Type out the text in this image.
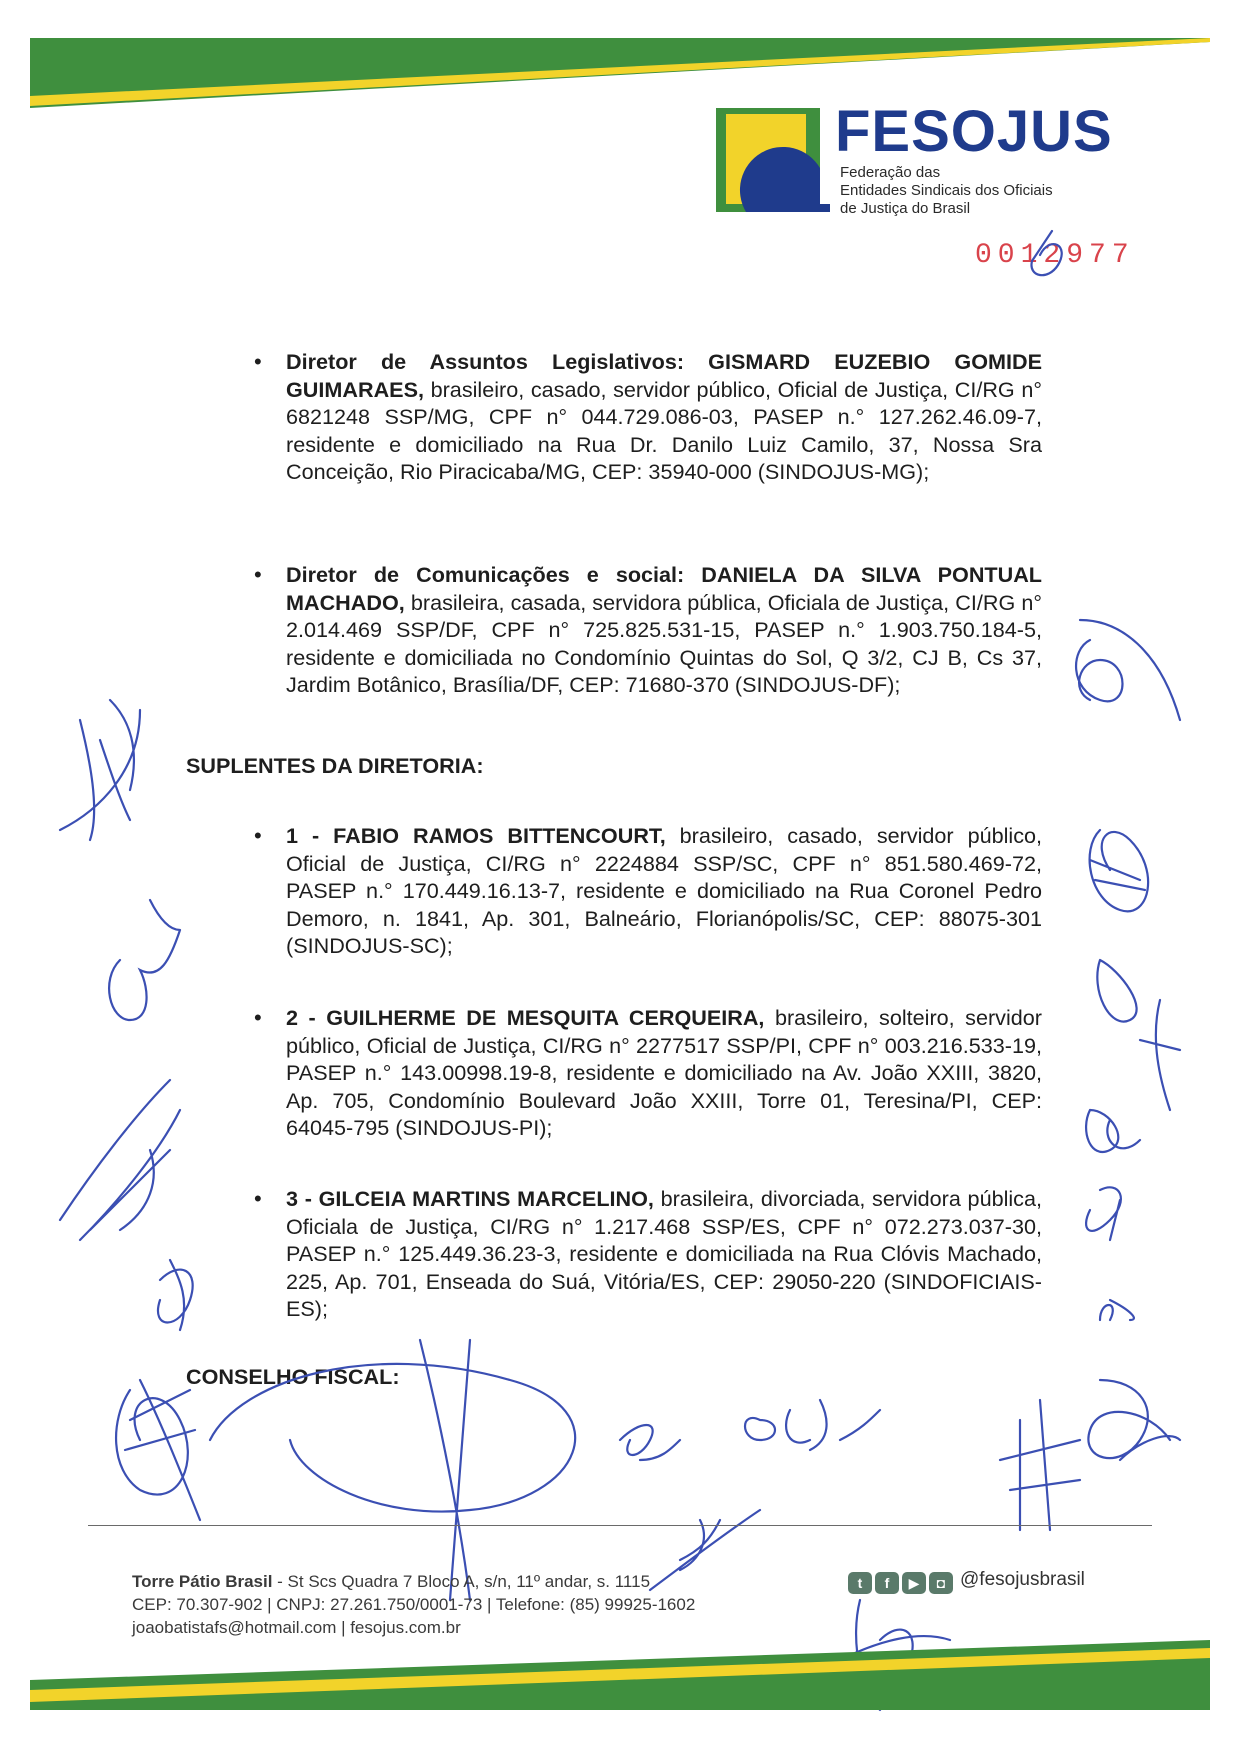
FESOJUS
Federação das
Entidades Sindicais dos Oficiais
de Justiça do Brasil
0012977
• Diretor de Assuntos Legislativos: GISMARD EUZEBIO GOMIDE GUIMARAES, brasileiro, casado, servidor público, Oficial de Justiça, CI/RG n° 6821248 SSP/MG, CPF n° 044.729.086-03, PASEP n.° 127.262.46.09-7, residente e domiciliado na Rua Dr. Danilo Luiz Camilo, 37, Nossa Sra Conceição, Rio Piracicaba/MG, CEP: 35940-000 (SINDOJUS-MG);
• Diretor de Comunicações e social: DANIELA DA SILVA PONTUAL MACHADO, brasileira, casada, servidora pública, Oficiala de Justiça, CI/RG n° 2.014.469 SSP/DF, CPF n° 725.825.531-15, PASEP n.° 1.903.750.184-5, residente e domiciliada no Condomínio Quintas do Sol, Q 3/2, CJ B, Cs 37, Jardim Botânico, Brasília/DF, CEP: 71680-370 (SINDOJUS-DF);
SUPLENTES DA DIRETORIA:
• 1 - FABIO RAMOS BITTENCOURT, brasileiro, casado, servidor público, Oficial de Justiça, CI/RG n° 2224884 SSP/SC, CPF n° 851.580.469-72, PASEP n.° 170.449.16.13-7, residente e domiciliado na Rua Coronel Pedro Demoro, n. 1841, Ap. 301, Balneário, Florianópolis/SC, CEP: 88075-301 (SINDOJUS-SC);
• 2 - GUILHERME DE MESQUITA CERQUEIRA, brasileiro, solteiro, servidor público, Oficial de Justiça, CI/RG n° 2277517 SSP/PI, CPF n° 003.216.533-19, PASEP n.° 143.00998.19-8, residente e domiciliado na Av. João XXIII, 3820, Ap. 705, Condomínio Boulevard João XXIII, Torre 01, Teresina/PI, CEP: 64045-795 (SINDOJUS-PI);
• 3 - GILCEIA MARTINS MARCELINO, brasileira, divorciada, servidora pública, Oficiala de Justiça, CI/RG n° 1.217.468 SSP/ES, CPF n° 072.273.037-30, PASEP n.° 125.449.36.23-3, residente e domiciliada na Rua Clóvis Machado, 225, Ap. 701, Enseada do Suá, Vitória/ES, CEP: 29050-220 (SINDOFICIAIS-ES);
CONSELHO FISCAL:
Torre Pátio Brasil - St Scs Quadra 7 Bloco A, s/n, 11º andar, s. 1115
CEP: 70.307-902 | CNPJ: 27.261.750/0001-73 | Telefone: (85) 99925-1602
joaobatistafs@hotmail.com | fesojus.com.br
t	f	▶	◘ @fesojusbrasil
